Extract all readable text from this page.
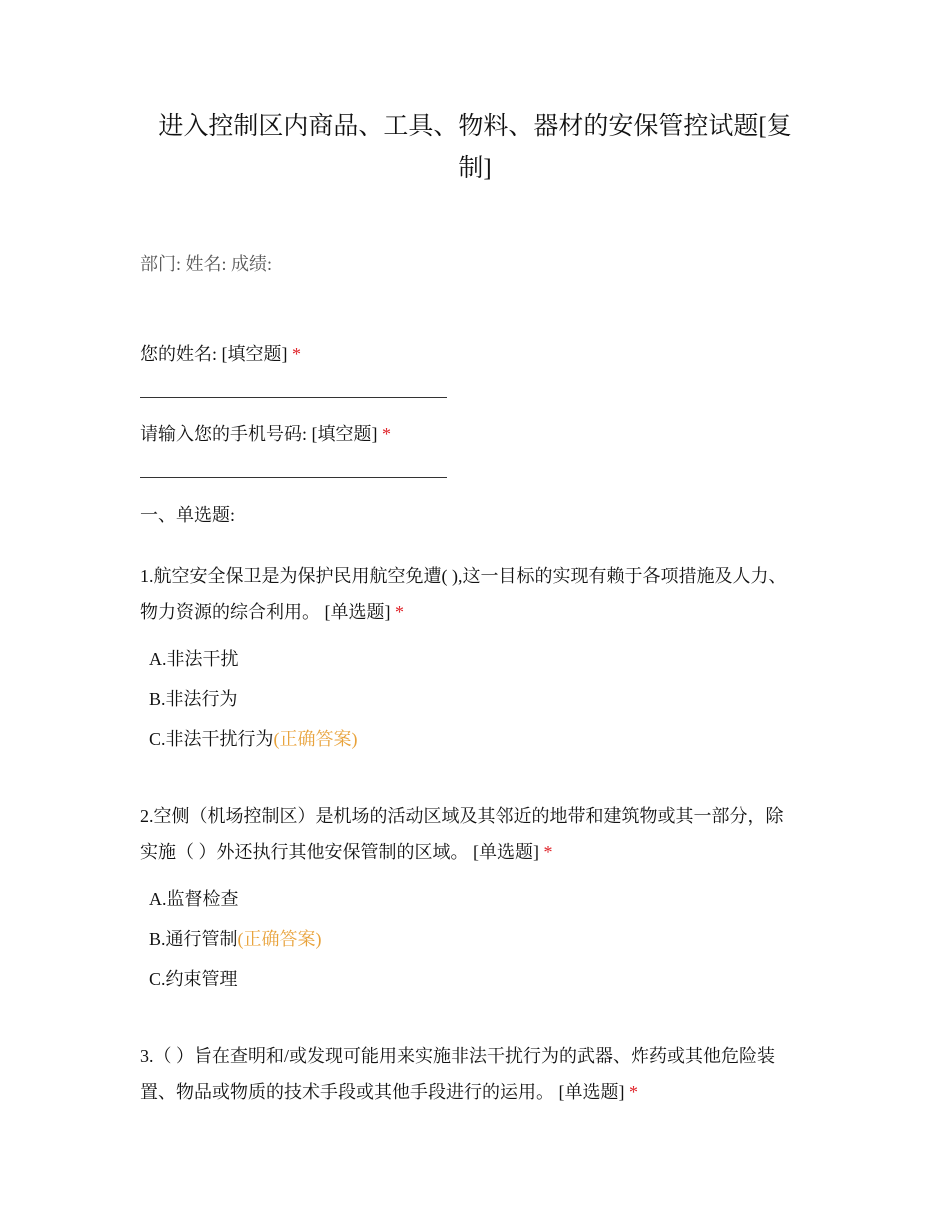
进入控制区内商品、工具、物料、器材的安保管控试题[复
制]
部门: 姓名: 成绩:
您的姓名: [填空题] *
请输入您的手机号码: [填空题] *
一、单选题:
1.航空安全保卫是为保护民用航空免遭( ),这一目标的实现有赖于各项措施及人力、
物力资源的综合利用。 [单选题] *
A.非法干扰
B.非法行为
C.非法干扰行为(正确答案)
2.空侧（机场控制区）是机场的活动区域及其邻近的地带和建筑物或其一部分，除
实施（ ）外还执行其他安保管制的区域。 [单选题] *
A.监督检查
B.通行管制(正确答案)
C.约束管理
3.（ ）旨在查明和/或发现可能用来实施非法干扰行为的武器、炸药或其他危险装
置、物品或物质的技术手段或其他手段进行的运用。 [单选题] *
